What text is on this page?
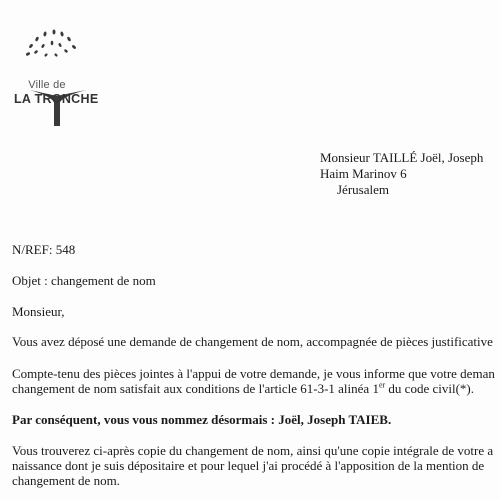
Ville de
LA TRONCHE
Monsieur TAILLÉ Joël, Joseph
Haim Marinov 6
Jérusalem
N/REF: 548
Objet : changement de nom
Monsieur,
Vous avez déposé une demande de changement de nom, accompagnée de pièces justificative
Compte-tenu des pièces jointes à l'appui de votre demande, je vous informe que votre deman
changement de nom satisfait aux conditions de l'article 61-3-1 alinéa 1er du code civil(*).
Par conséquent, vous vous nommez désormais : Joël, Joseph TAIEB.
Vous trouverez ci-après copie du changement de nom, ainsi qu'une copie intégrale de votre a
naissance dont je suis dépositaire et pour lequel j'ai procédé à l'apposition de la mention de
changement de nom.
